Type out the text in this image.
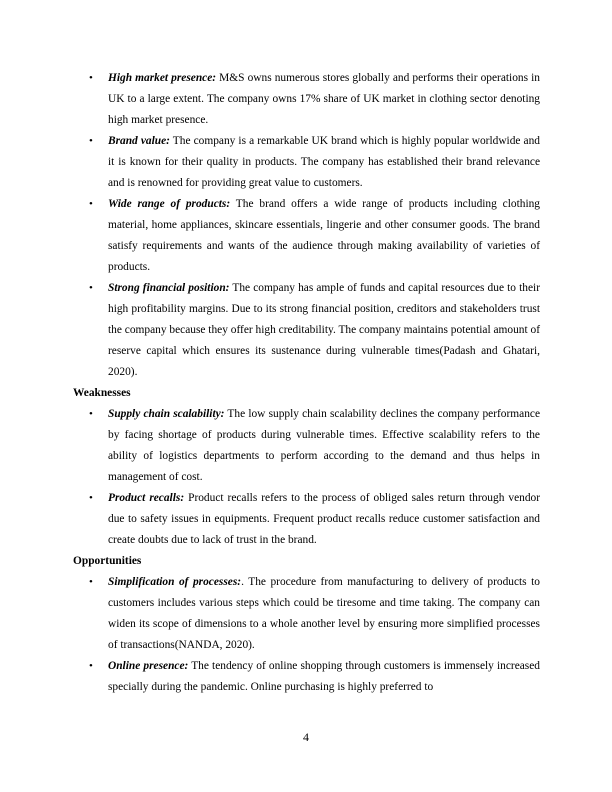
•	High market presence: M&S owns numerous stores globally and performs their operations in UK to a large extent. The company owns 17% share of UK market in clothing sector denoting high market presence.
•	Brand value: The company is a remarkable UK brand which is highly popular worldwide and it is known for their quality in products. The company has established their brand relevance and is renowned for providing great value to customers.
•	Wide range of products: The brand offers a wide range of products including clothing material, home appliances, skincare essentials, lingerie and other consumer goods. The brand satisfy requirements and wants of the audience through making availability of varieties of products.
•	Strong financial position: The company has ample of funds and capital resources due to their high profitability margins. Due to its strong financial position, creditors and stakeholders trust the company because they offer high creditability. The company maintains potential amount of reserve capital which ensures its sustenance during vulnerable times(Padash and Ghatari, 2020).

Weaknesses

•	Supply chain scalability: The low supply chain scalability declines the company performance by facing shortage of products during vulnerable times. Effective scalability refers to the ability of logistics departments to perform according to the demand and thus helps in management of cost.
•	Product recalls: Product recalls refers to the process of obliged sales return through vendor due to safety issues in equipments. Frequent product recalls reduce customer satisfaction and create doubts due to lack of trust in the brand.

Opportunities

•	Simplification of processes:. The procedure from manufacturing to delivery of products to customers includes various steps which could be tiresome and time taking. The company can widen its scope of dimensions to a whole another level by ensuring more simplified processes of transactions(NANDA, 2020).
•	Online presence: The tendency of online shopping through customers is immensely increased specially during the pandemic. Online purchasing is highly preferred to
4
